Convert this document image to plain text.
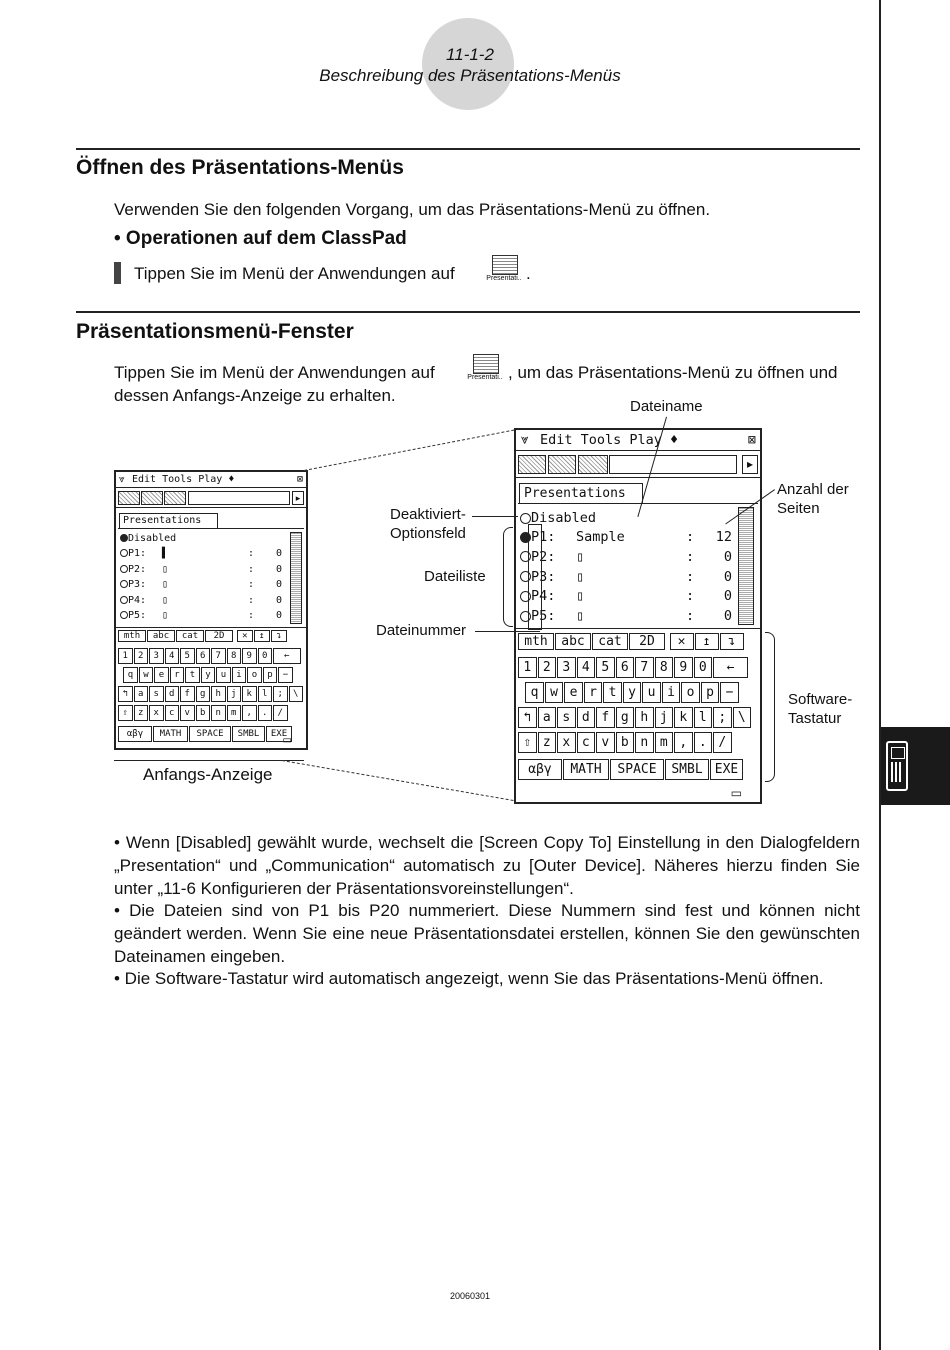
11-1-2
Beschreibung des Präsentations-Menüs
Öffnen des Präsentations-Menüs
Verwenden Sie den folgenden Vorgang, um das Präsentations-Menü zu öffnen.
• Operationen auf dem ClassPad
Tippen Sie im Menü der Anwendungen auf	Presentati.. .
Präsentationsmenü-Fenster
Tippen Sie im Menü der Anwendungen auf	Presentati.. , um das Präsentations-Menü zu öffnen und
dessen Anfangs-Anzeige zu erhalten.
⩔ Edit Tools Play ♦	⊠
▸
Presentations
Disabled
P1: ▌	:	0
P2: ▯	:	0
P3: ▯	:	0
P4: ▯	:	0
P5: ▯	:	0
mth	abc	cat	2D	✕	↥	↴
1	2	3	4	5	6	7	8	9	0	←
q	w	e	r	t	y	u	i	o	p	−
↰	a	s	d	f	g	h	j	k	l	;	\
⇧	z	x	c	v	b	n	m	,	.	/
αβγ	MATH	SPACE	SMBL	EXE
▭
Anfangs-Anzeige
⩔ Edit Tools Play ♦	⊠
▸
Presentations
Disabled
P1: Sample	: 12
P2: ▯	:	0
P3: ▯	:	0
P4: ▯	:	0
P5: ▯	:	0
mth	abc	cat	2D	✕	↥	↴
1 2 3 4 5 6 7 8 9 0	←
q w e r t y u i o p −
↰ a s d f g h j k l ; \
⇧ z x c v b n m , . /
αβγ	MATH	SPACE	SMBL EXE
▭
Dateiname
Anzahl der
Seiten
Deaktiviert-
Optionsfeld
Dateiliste
Dateinummer
Software-
Tastatur
• Wenn [Disabled] gewählt wurde, wechselt die [Screen Copy To] Einstellung in den Dialogfeldern „Presentation“ und „Communication“ automatisch zu [Outer Device]. Näheres hierzu finden Sie unter „11-6 Konfigurieren der Präsentationsvoreinstellungen“.
• Die Dateien sind von P1 bis P20 nummeriert. Diese Nummern sind fest und können nicht geändert werden. Wenn Sie eine neue Präsentationsdatei erstellen, können Sie den gewünschten Dateinamen eingeben.
• Die Software-Tastatur wird automatisch angezeigt, wenn Sie das Präsentations-Menü öffnen.
20060301
